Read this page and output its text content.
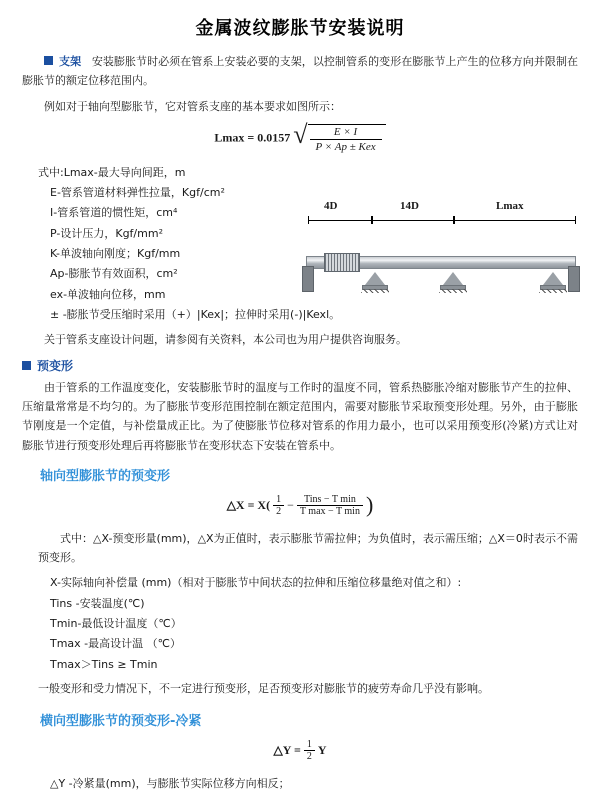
金属波纹膨胀节安装说明

支架 安装膨胀节时必须在管系上安装必要的支架，以控制管系的变形在膨胀节上产生的位移方向并限制在膨胀节的额定位移范围内。

例如对于轴向型膨胀节，它对管系支座的基本要求如图所示：

Lmax = 0.0157 √ $\frac{E \times I}{\text{P × Ap ± Kex}}$
式中:Lmax-最大导向间距，m
E-管系管道材料弹性拉量，Kgf/cm²
I-管系管道的惯性矩，cm⁴
P-设计压力，Kgf/mm²
K-单波轴向刚度；Kgf/mm
Ap-膨胀节有效面积，cm²
ex-单波轴向位移，mm
± -膨胀节受压缩时采用（+）|Kex|；拉伸时采用(-)|Kexl。

关于管系支座设计问题，请参阅有关资料，本公司也为用户提供咨询服务。

预变形

由于管系的工作温度变化，安装膨胀节时的温度与工作时的温度不同，管系热膨胀冷缩对膨胀节产生的拉伸、压缩量常常是不均匀的。为了膨胀节变形范围控制在额定范围内，需要对膨胀节采取预变形处理。另外，由于膨胀节刚度是一个定值，与补偿量成正比。为了使膨胀节位移对管系的作用力最小，也可以采用预变形(冷紧)方式让对膨胀节进行预变形处理后再将膨胀节在变形状态下安装在管系中。

轴向型膨胀节的预变形
△X = $X( \frac{1}{2} - \frac{\text{Tins − T min}}{\text{T max − T min}}$ )

式中：△X-预变形量(mm)，△X为正值时，表示膨胀节需拉伸；为负值时，表示需压缩；△X＝0时表示不需预变形。

X-实际轴向补偿量 (mm)（相对于膨胀节中间状态的拉伸和压缩位移量绝对值之和）:
Tins -安装温度(℃)
Tmin-最低设计温度（℃）
Tmax -最高设计温 （℃）
Tmax＞Tins ≥ Tmin

一般变形和受力情况下，不一定进行预变形，足否预变形对膨胀节的疲劳寿命几乎没有影响。

横向型膨胀节的预变形-冷紧
△Y = $\frac{1}{2}$ Y
△Y -冷紧量(mm)，与膨胀节实际位移方向相反；
4D	14D	Lmax
